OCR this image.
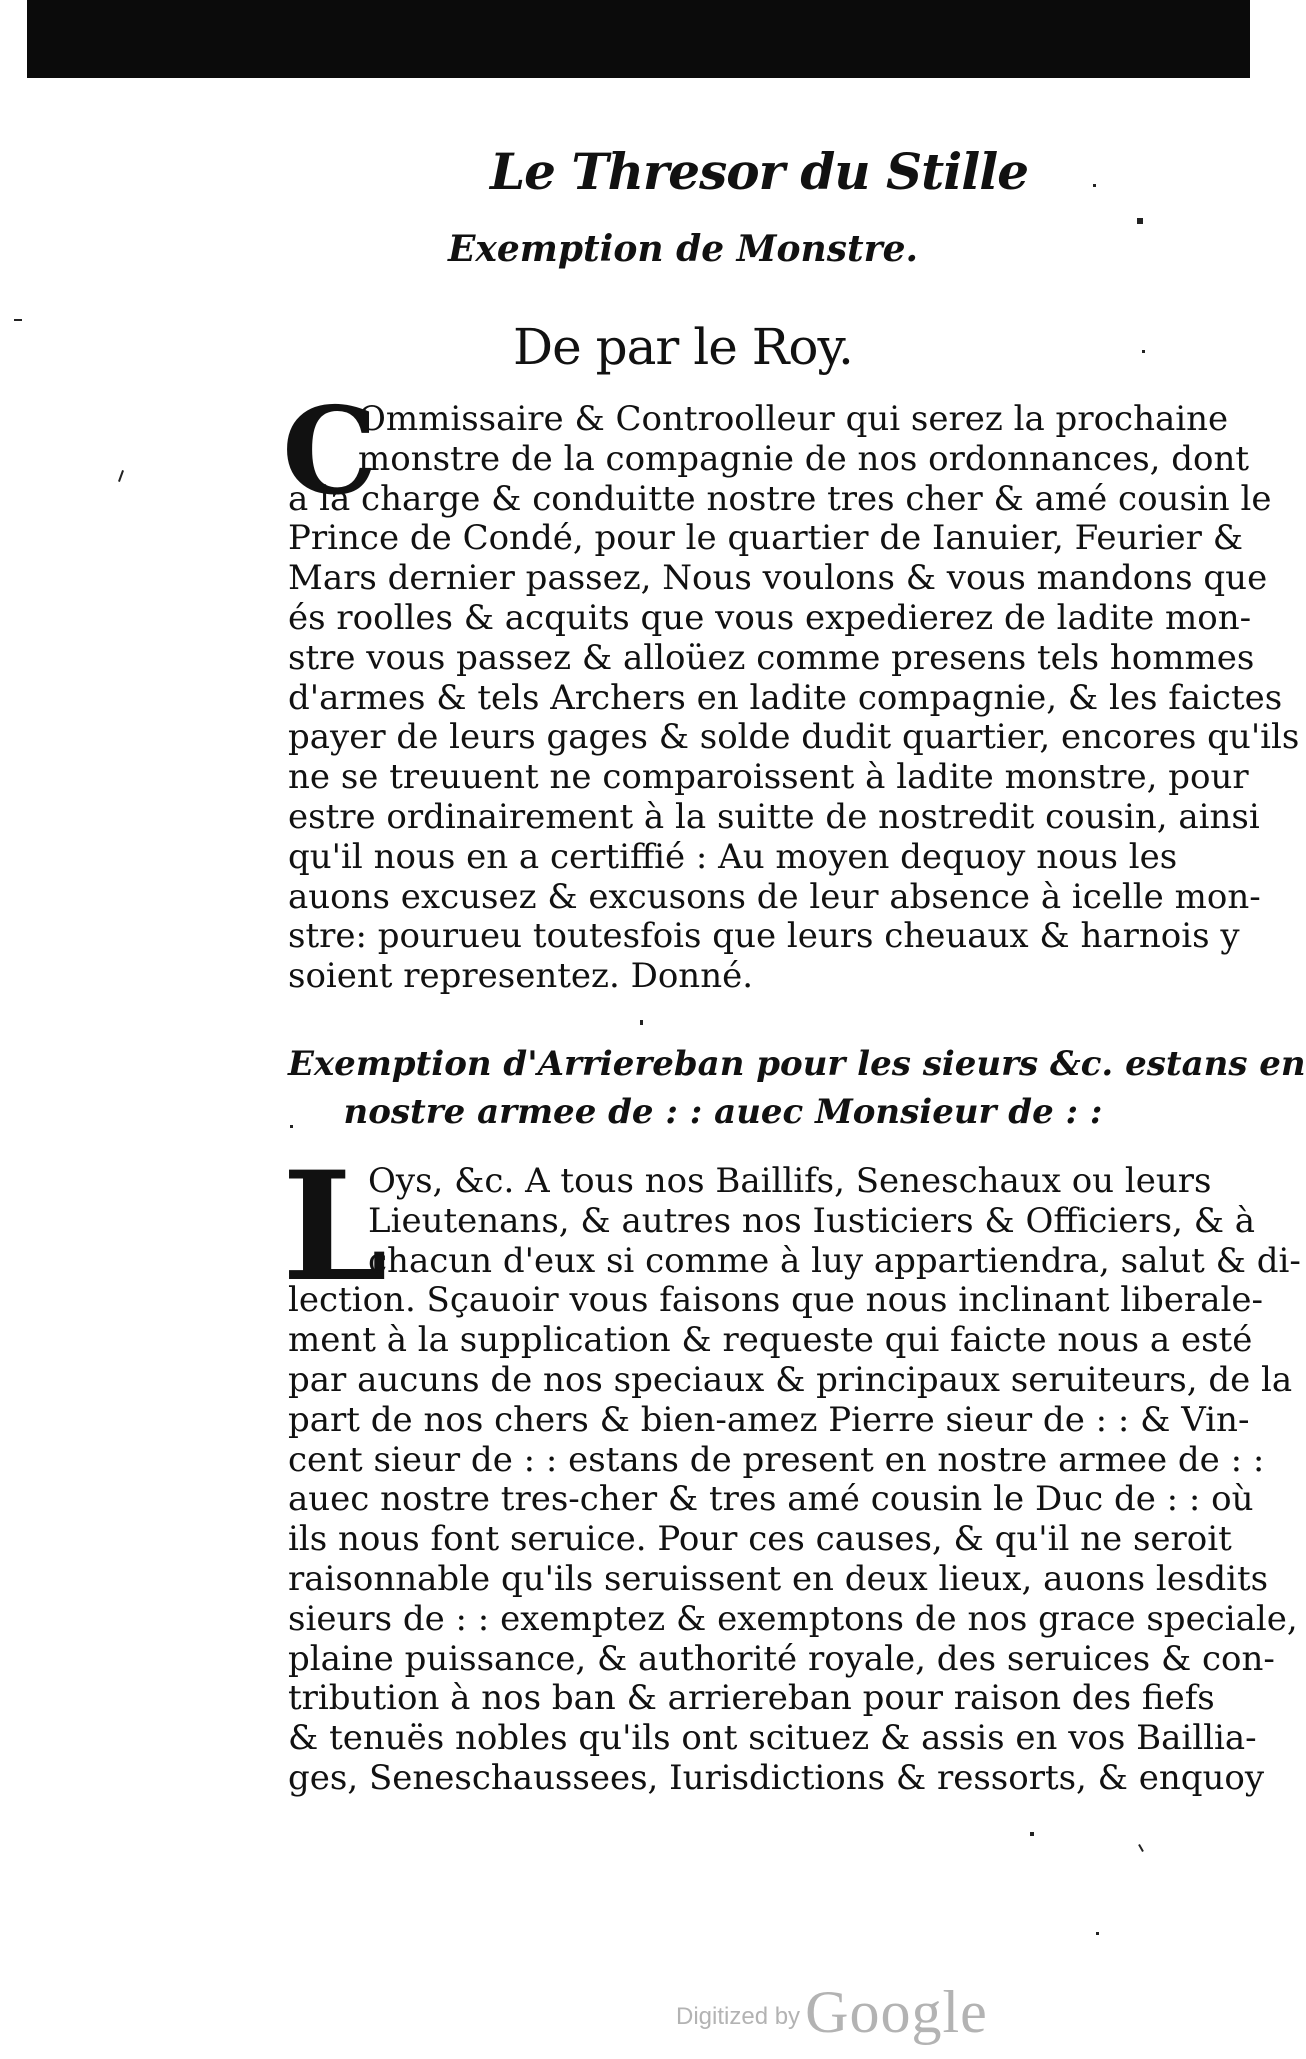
Le Thresor du Stille
Exemption de Monstre.
De par le Roy.
C
Ommissaire & Controolleur qui serez la prochaine
monstre de la compagnie de nos ordonnances, dont
a la charge & conduitte nostre tres cher & amé cousin le
Prince de Condé, pour le quartier de Ianuier, Feurier &
Mars dernier passez, Nous voulons & vous mandons que
és roolles & acquits que vous expedierez de ladite mon-
stre vous passez & alloüez comme presens tels hommes
d'armes & tels Archers en ladite compagnie, & les faictes
payer de leurs gages & solde dudit quartier, encores qu'ils
ne se treuuent ne comparoissent à ladite monstre, pour
estre ordinairement à la suitte de nostredit cousin, ainsi
qu'il nous en a certiffié : Au moyen dequoy nous les
auons excusez & excusons de leur absence à icelle mon-
stre: pourueu toutesfois que leurs cheuaux & harnois y
soient representez. Donné.
Exemption d'Arriereban pour les sieurs &c. estans en
nostre armee de : : auec Monsieur de : :
L
Oys, &c. A tous nos Baillifs, Seneschaux ou leurs
Lieutenans, & autres nos Iusticiers & Officiers, & à
chacun d'eux si comme à luy appartiendra, salut & di-
lection. Sçauoir vous faisons que nous inclinant liberale-
ment à la supplication & requeste qui faicte nous a esté
par aucuns de nos speciaux & principaux seruiteurs, de la
part de nos chers & bien-amez Pierre sieur de : : & Vin-
cent sieur de : : estans de present en nostre armee de : :
auec nostre tres-cher & tres amé cousin le Duc de : : où
ils nous font seruice. Pour ces causes, & qu'il ne seroit
raisonnable qu'ils seruissent en deux lieux, auons lesdits
sieurs de : : exemptez & exemptons de nos grace speciale,
plaine puissance, & authorité royale, des seruices & con-
tribution à nos ban & arriereban pour raison des fiefs
& tenuës nobles qu'ils ont scituez & assis en vos Baillia-
ges, Seneschaussees, Iurisdictions & ressorts, & enquoy
Digitized by Google
